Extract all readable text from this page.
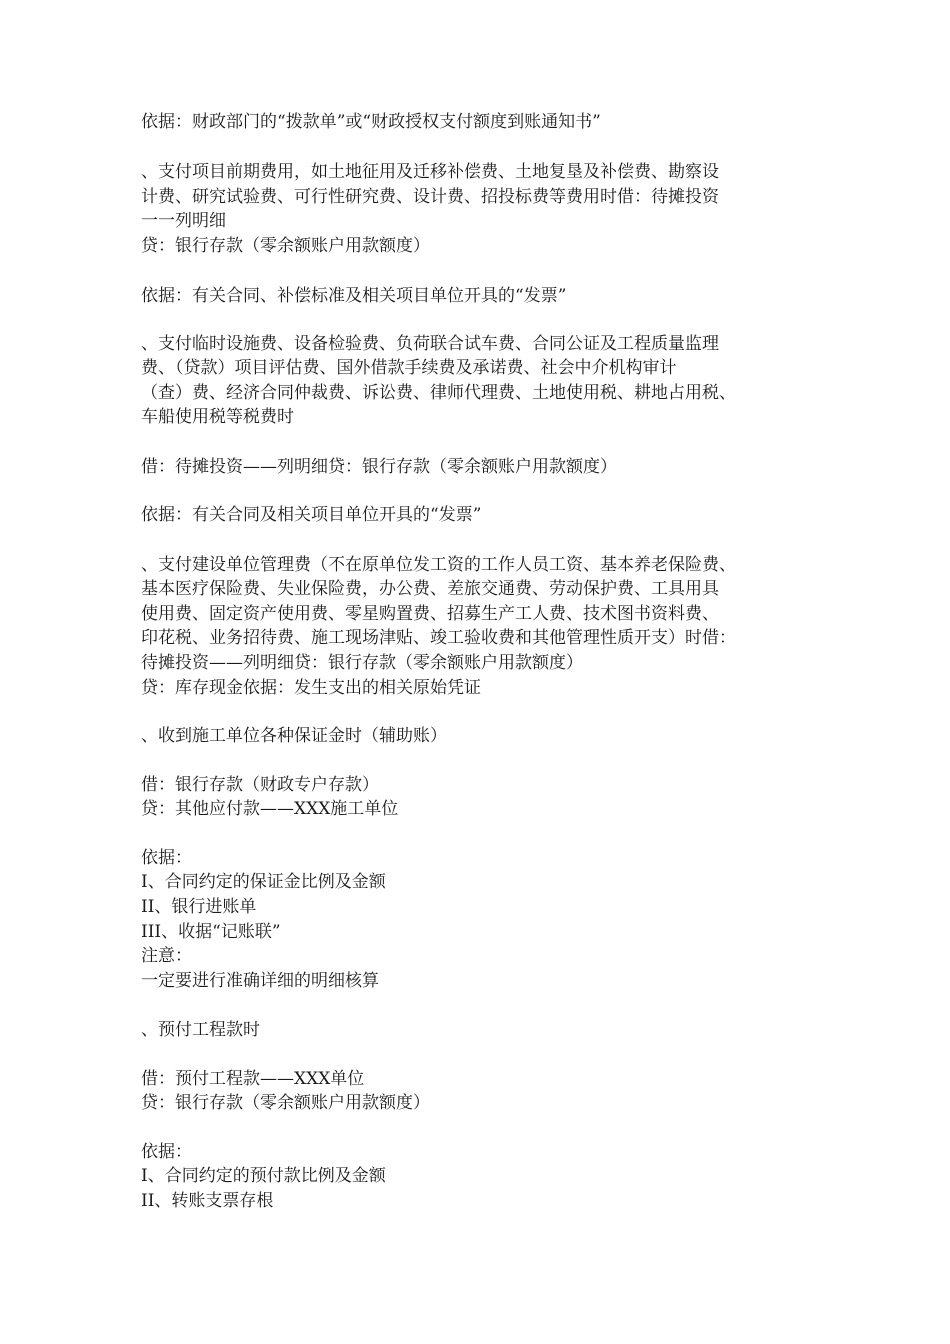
依据：财政部门的“拨款单”或“财政授权支付额度到账通知书”
、支付项目前期费用，如土地征用及迁移补偿费、土地复垦及补偿费、勘察设
计费、研究试验费、可行性研究费、设计费、招投标费等费用时借：待摊投资
一一列明细
贷：银行存款（零余额账户用款额度）
依据：有关合同、补偿标准及相关项目单位开具的“发票”
、支付临时设施费、设备检验费、负荷联合试车费、合同公证及工程质量监理
费、（贷款）项目评估费、国外借款手续费及承诺费、社会中介机构审计
（查）费、经济合同仲裁费、诉讼费、律师代理费、土地使用税、耕地占用税、
车船使用税等税费时
借：待摊投资——列明细贷：银行存款（零余额账户用款额度）
依据：有关合同及相关项目单位开具的“发票”
、支付建设单位管理费（不在原单位发工资的工作人员工资、基本养老保险费、
基本医疗保险费、失业保险费，办公费、差旅交通费、劳动保护费、工具用具
使用费、固定资产使用费、零星购置费、招募生产工人费、技术图书资料费、
印花税、业务招待费、施工现场津贴、竣工验收费和其他管理性质开支）时借：
待摊投资——列明细贷：银行存款（零余额账户用款额度）
贷：库存现金依据：发生支出的相关原始凭证
、收到施工单位各种保证金时（辅助账）
借：银行存款（财政专户存款）
贷：其他应付款——XXX施工单位
依据：
I、合同约定的保证金比例及金额
II、银行进账单
III、收据“记账联”
注意：
一定要进行准确详细的明细核算
、预付工程款时
借：预付工程款——XXX单位
贷：银行存款（零余额账户用款额度）
依据：
I、合同约定的预付款比例及金额
II、转账支票存根
